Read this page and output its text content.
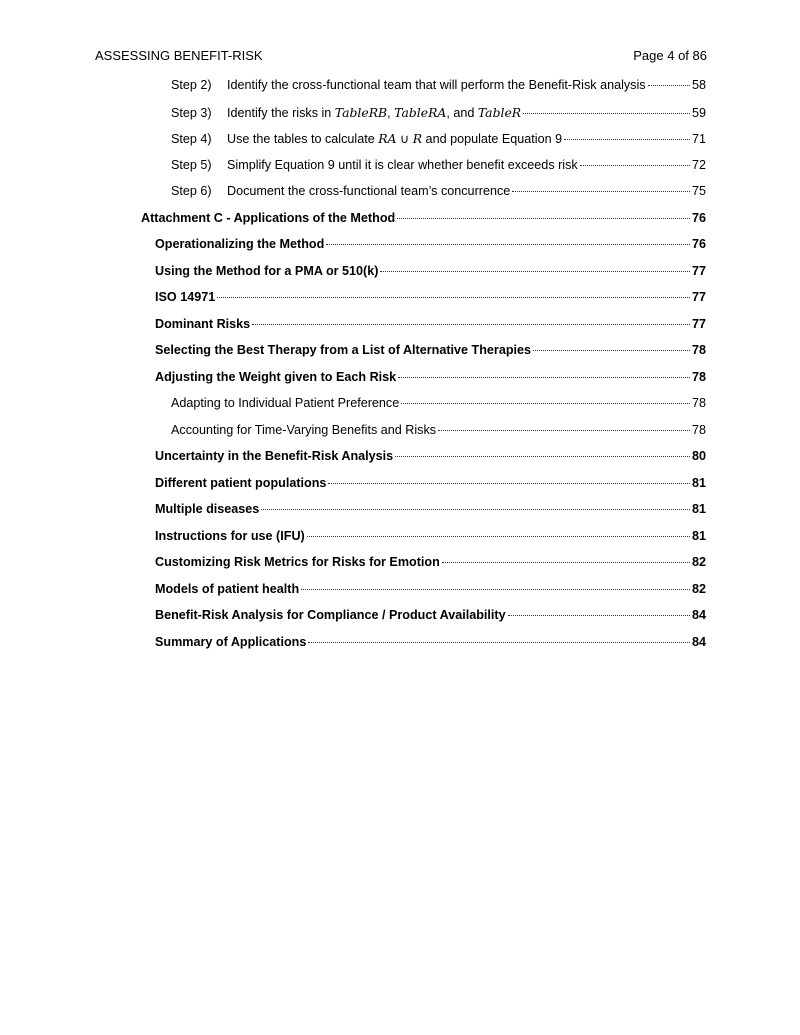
ASSESSING BENEFIT-RISK	Page 4 of 86
Step 2)	Identify the cross-functional team that will perform the Benefit-Risk analysis	58
Step 3)	Identify the risks in TableRB, TableRA, and TableR	59
Step 4)	Use the tables to calculate RA ∪ R and populate Equation 9	71
Step 5)	Simplify Equation 9 until it is clear whether benefit exceeds risk	72
Step 6)	Document the cross-functional team’s concurrence	75
Attachment C - Applications of the Method	76
Operationalizing the Method	76
Using the Method for a PMA or 510(k)	77
ISO 14971	77
Dominant Risks	77
Selecting the Best Therapy from a List of Alternative Therapies	78
Adjusting the Weight given to Each Risk	78
Adapting to Individual Patient Preference	78
Accounting for Time-Varying Benefits and Risks	78
Uncertainty in the Benefit-Risk Analysis	80
Different patient populations	81
Multiple diseases	81
Instructions for use (IFU)	81
Customizing Risk Metrics for Risks for Emotion	82
Models of patient health	82
Benefit-Risk Analysis for Compliance / Product Availability	84
Summary of Applications	84
